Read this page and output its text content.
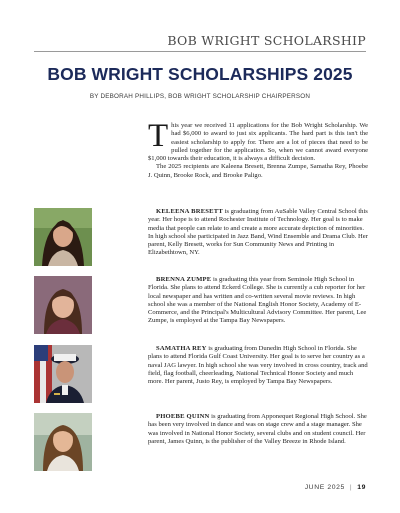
BOB WRIGHT SCHOLARSHIP
BOB WRIGHT SCHOLARSHIPS 2025
BY DEBORAH PHILLIPS, BOB WRIGHT SCHOLARSHIP CHAIRPERSON

This year we received 11 applications for the Bob Wright Scholarship. We had $6,000 to award to just six applicants. The hard part is this isn't the easiest scholarship to apply for. There are a lot of pieces that need to be pulled together for the application. So, when we cannot award everyone $1,000 towards their education, it is always a difficult decision.

The 2025 recipients are Kaleena Bresett, Brenna Zumpe, Samatha Rey, Phoebe J. Quinn, Brooke Rock, and Brooke Paligo.

KELEENA BRESETT is graduating from AuSable Valley Central School this year. Her hope is to attend Rochester Institute of Technology. Her goal is to make media that people can relate to and create a more accurate depiction of minorities. In high school she participated in Jazz Band, Wind Ensemble and Drama Club. Her parent, Kelly Bresett, works for Sun Community News and Printing in Elizabethtown, NY.
BRENNA ZUMPE is graduating this year from Seminole High School in Florida. She plans to attend Eckerd College. She is currently a cub reporter for her local newspaper and has written and co-written several movie reviews. In high school she was a member of the National English Honor Society, Academy of E-Commerce, and the Principal's Multicultural Advisory Committee. Her parent, Lee Zumpe, is employed at the Tampa Bay Newspapers.
SAMATHA REY is graduating from Dunedin High School in Florida. She plans to attend Florida Gulf Coast University. Her goal is to serve her country as a naval JAG lawyer. In high school she was very involved in cross country, track and field, flag football, cheerleading, National Technical Honor Society and much more. Her parent, Justo Rey, is employed by Tampa Bay Newspapers.
PHOEBE QUINN is graduating from Apponequet Regional High School. She has been very involved in dance and was on stage crew and a stage manager. She was involved in National Honor Society, several clubs and on student council. Her parent, James Quinn, is the publisher of the Valley Breeze in Rhode Island.
JUNE 2025 | 19
